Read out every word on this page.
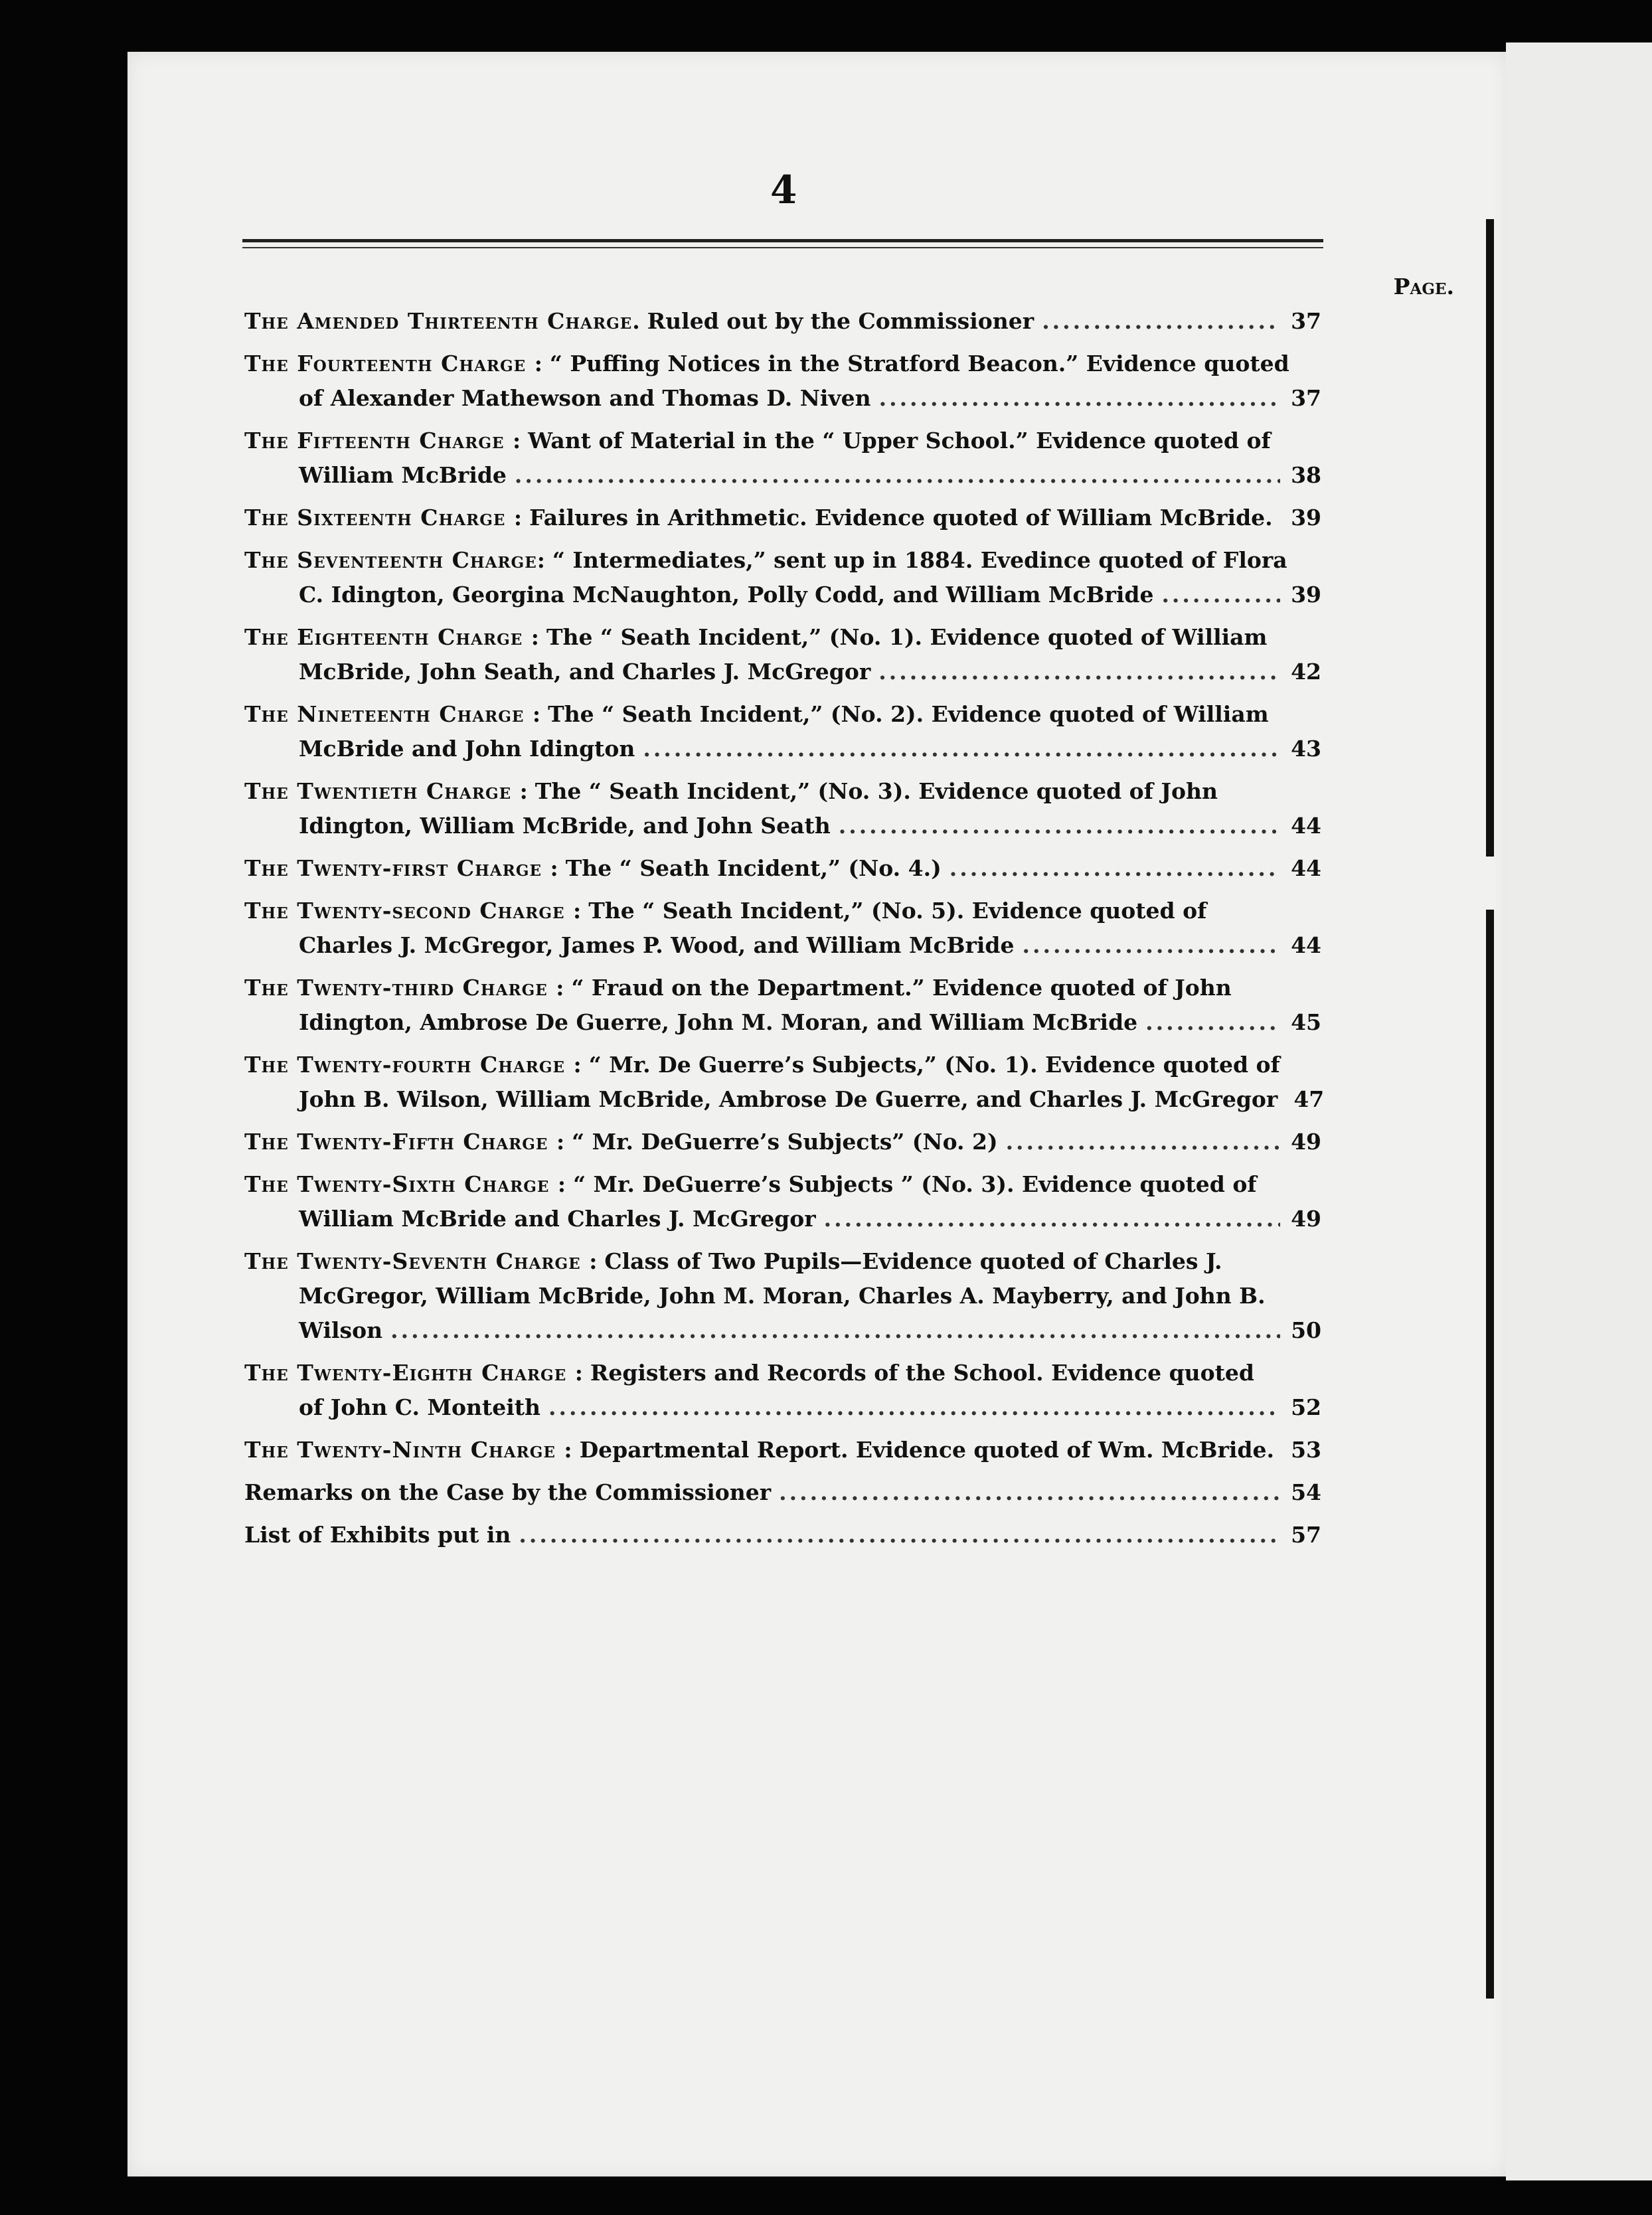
4
Page.
The Amended Thirteenth Charge. Ruled out by the Commissioner .....	37
The Fourteenth Charge : “ Puffing Notices in the Stratford Beacon.” Evidence quoted
of Alexander Mathewson and Thomas D. Niven .....	37
The Fifteenth Charge : Want of Material in the “ Upper School.” Evidence quoted of
William McBride .....	38
The Sixteenth Charge : Failures in Arithmetic. Evidence quoted of William McBride. 39
The Seventeenth Charge: “ Intermediates,” sent up in 1884. Evedince quoted of Flora
C. Idington, Georgina McNaughton, Polly Codd, and William McBride .....	39
The Eighteenth Charge : The “ Seath Incident,” (No. 1). Evidence quoted of William
McBride, John Seath, and Charles J. McGregor .....	42
The Nineteenth Charge : The “ Seath Incident,” (No. 2). Evidence quoted of William
McBride and John Idington .....	43
The Twentieth Charge : The “ Seath Incident,” (No. 3). Evidence quoted of John
Idington, William McBride, and John Seath .....	44
The Twenty-first Charge : The “ Seath Incident,” (No. 4.) .....	44
The Twenty-second Charge : The “ Seath Incident,” (No. 5). Evidence quoted of
Charles J. McGregor, James P. Wood, and William McBride .....	44
The Twenty-third Charge : “ Fraud on the Department.” Evidence quoted of John
Idington, Ambrose De Guerre, John M. Moran, and William McBride .....	45
The Twenty-fourth Charge : “ Mr. De Guerre’s Subjects,” (No. 1). Evidence quoted of
John B. Wilson, William McBride, Ambrose De Guerre, and Charles J. McGregor 47
The Twenty-Fifth Charge : “ Mr. DeGuerre’s Subjects” (No. 2) .....	49
The Twenty-Sixth Charge : “ Mr. DeGuerre’s Subjects ” (No. 3). Evidence quoted of
William McBride and Charles J. McGregor .....	49
The Twenty-Seventh Charge : Class of Two Pupils—Evidence quoted of Charles J.
McGregor, William McBride, John M. Moran, Charles A. Mayberry, and John B.
Wilson .....	50
The Twenty-Eighth Charge : Registers and Records of the School. Evidence quoted
of John C. Monteith .....	52
The Twenty-Ninth Charge : Departmental Report. Evidence quoted of Wm. McBride. 53
Remarks on the Case by the Commissioner .....	54
List of Exhibits put in .....	57
